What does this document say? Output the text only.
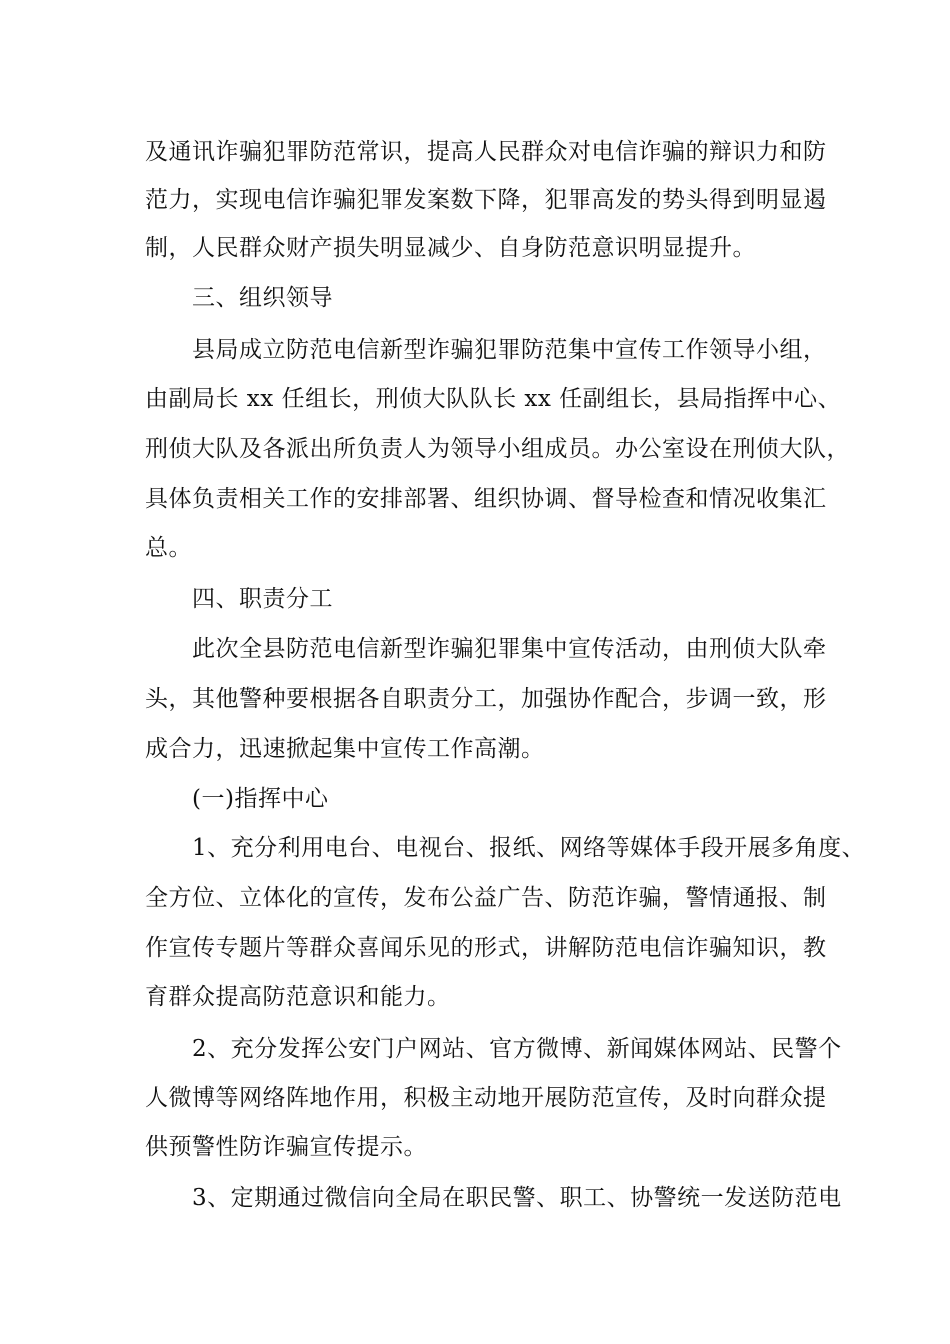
及通讯诈骗犯罪防范常识，提高人民群众对电信诈骗的辩识力和防
范力，实现电信诈骗犯罪发案数下降，犯罪高发的势头得到明显遏
制，人民群众财产损失明显减少、自身防范意识明显提升。
三、组织领导
县局成立防范电信新型诈骗犯罪防范集中宣传工作领导小组，
由副局长 xx 任组长，刑侦大队队长 xx 任副组长，县局指挥中心、
刑侦大队及各派出所负责人为领导小组成员。办公室设在刑侦大队，
具体负责相关工作的安排部署、组织协调、督导检查和情况收集汇
总。
四、职责分工
此次全县防范电信新型诈骗犯罪集中宣传活动，由刑侦大队牵
头，其他警种要根据各自职责分工，加强协作配合，步调一致，形
成合力，迅速掀起集中宣传工作高潮。
(一)指挥中心
1、充分利用电台、电视台、报纸、网络等媒体手段开展多角度、
全方位、立体化的宣传，发布公益广告、防范诈骗，警情通报、制
作宣传专题片等群众喜闻乐见的形式，讲解防范电信诈骗知识，教
育群众提高防范意识和能力。
2、充分发挥公安门户网站、官方微博、新闻媒体网站、民警个
人微博等网络阵地作用，积极主动地开展防范宣传，及时向群众提
供预警性防诈骗宣传提示。
3、定期通过微信向全局在职民警、职工、协警统一发送防范电
